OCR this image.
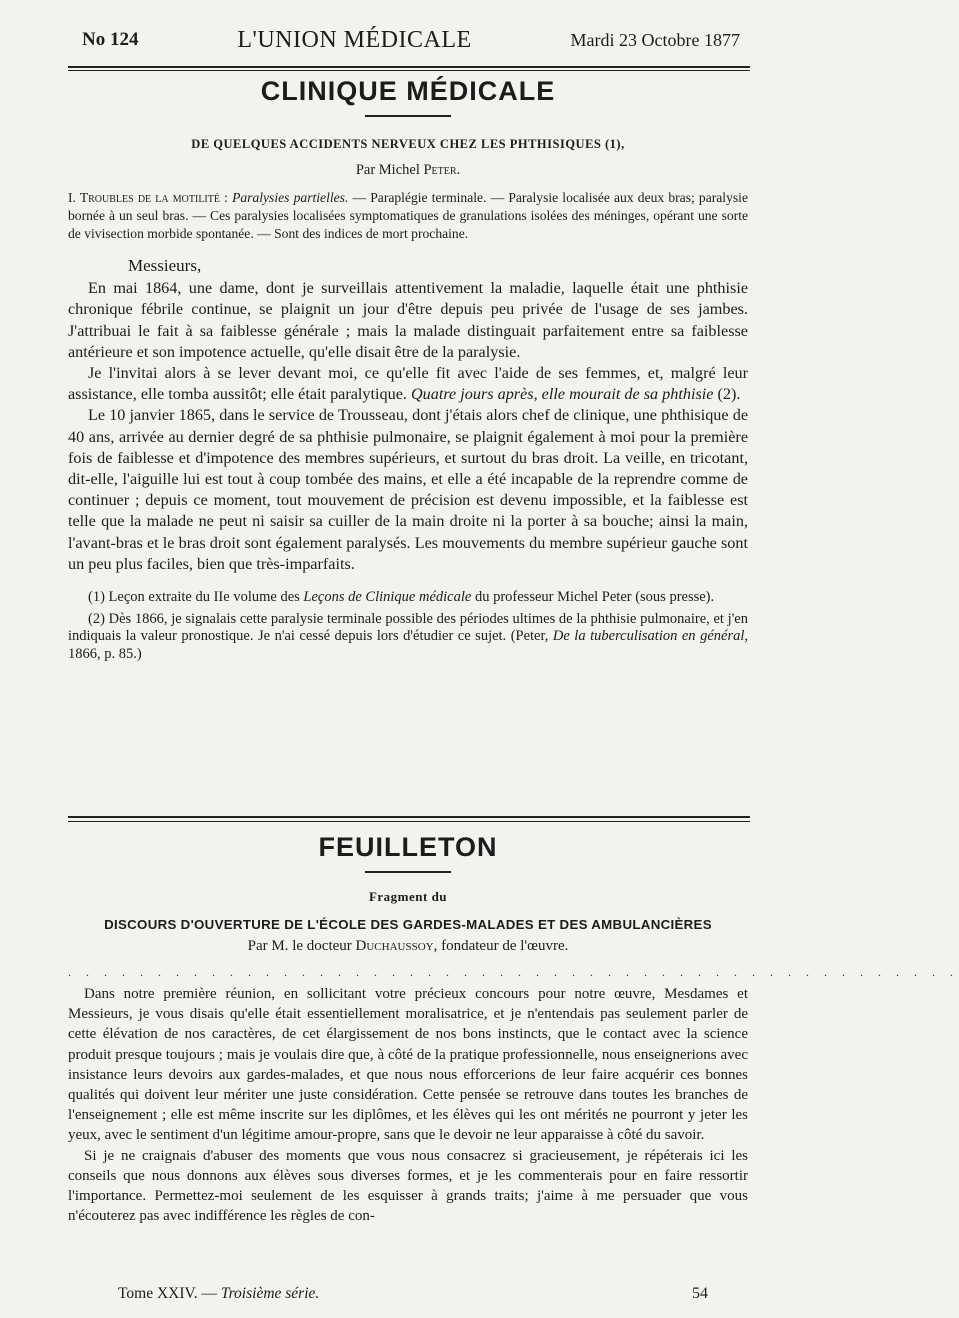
No 124	L'UNION MÉDICALE	Mardi 23 Octobre 1877
CLINIQUE MÉDICALE
DE QUELQUES ACCIDENTS NERVEUX CHEZ LES PHTHISIQUES (1),
Par Michel Peter.
I. Troubles de la motilité : Paralysies partielles. — Paraplégie terminale. — Paralysie localisée aux deux bras; paralysie bornée à un seul bras. — Ces paralysies localisées symptomatiques de granulations isolées des méninges, opérant une sorte de vivisection morbide spontanée. — Sont des indices de mort prochaine.
Messieurs,

En mai 1864, une dame, dont je surveillais attentivement la maladie, laquelle était une phthisie chronique fébrile continue, se plaignit un jour d'être depuis peu privée de l'usage de ses jambes. J'attribuai le fait à sa faiblesse générale ; mais la malade distinguait parfaitement entre sa faiblesse antérieure et son impotence actuelle, qu'elle disait être de la paralysie.

Je l'invitai alors à se lever devant moi, ce qu'elle fit avec l'aide de ses femmes, et, malgré leur assistance, elle tomba aussitôt; elle était paralytique. Quatre jours après, elle mourait de sa phthisie (2).

Le 10 janvier 1865, dans le service de Trousseau, dont j'étais alors chef de clinique, une phthisique de 40 ans, arrivée au dernier degré de sa phthisie pulmonaire, se plaignit également à moi pour la première fois de faiblesse et d'impotence des membres supérieurs, et surtout du bras droit. La veille, en tricotant, dit-elle, l'aiguille lui est tout à coup tombée des mains, et elle a été incapable de la reprendre comme de continuer ; depuis ce moment, tout mouvement de précision est devenu impossible, et la faiblesse est telle que la malade ne peut ni saisir sa cuiller de la main droite ni la porter à sa bouche; ainsi la main, l'avant-bras et le bras droit sont également paralysés. Les mouvements du membre supérieur gauche sont un peu plus faciles, bien que très-imparfaits.

(1) Leçon extraite du IIe volume des Leçons de Clinique médicale du professeur Michel Peter (sous presse).

(2) Dès 1866, je signalais cette paralysie terminale possible des périodes ultimes de la phthisie pulmonaire, et j'en indiquais la valeur pronostique. Je n'ai cessé depuis lors d'étudier ce sujet. (Peter, De la tuberculisation en général, 1866, p. 85.)

FEUILLETON
Fragment du
DISCOURS D'OUVERTURE DE L'ÉCOLE DES GARDES-MALADES ET DES AMBULANCIÈRES
Par M. le docteur Duchaussoy, fondateur de l'œuvre.
. . . . . . . . . . . . . . . . . . . . . . . . . . . . . . . . . . . . . . . . . . . . . . . . . .

Dans notre première réunion, en sollicitant votre précieux concours pour notre œuvre, Mesdames et Messieurs, je vous disais qu'elle était essentiellement moralisatrice, et je n'entendais pas seulement parler de cette élévation de nos caractères, de cet élargissement de nos bons instincts, que le contact avec la science produit presque toujours ; mais je voulais dire que, à côté de la pratique professionnelle, nous enseignerions avec insistance leurs devoirs aux gardes-malades, et que nous nous efforcerions de leur faire acquérir ces bonnes qualités qui doivent leur mériter une juste considération. Cette pensée se retrouve dans toutes les branches de l'enseignement ; elle est même inscrite sur les diplômes, et les élèves qui les ont mérités ne pourront y jeter les yeux, avec le sentiment d'un légitime amour-propre, sans que le devoir ne leur apparaisse à côté du savoir.

Si je ne craignais d'abuser des moments que vous nous consacrez si gracieusement, je répéterais ici les conseils que nous donnons aux élèves sous diverses formes, et je les commenterais pour en faire ressortir l'importance. Permettez-moi seulement de les esquisser à grands traits; j'aime à me persuader que vous n'écouterez pas avec indifférence les règles de con-

Tome XXIV. — Troisième série.	54
